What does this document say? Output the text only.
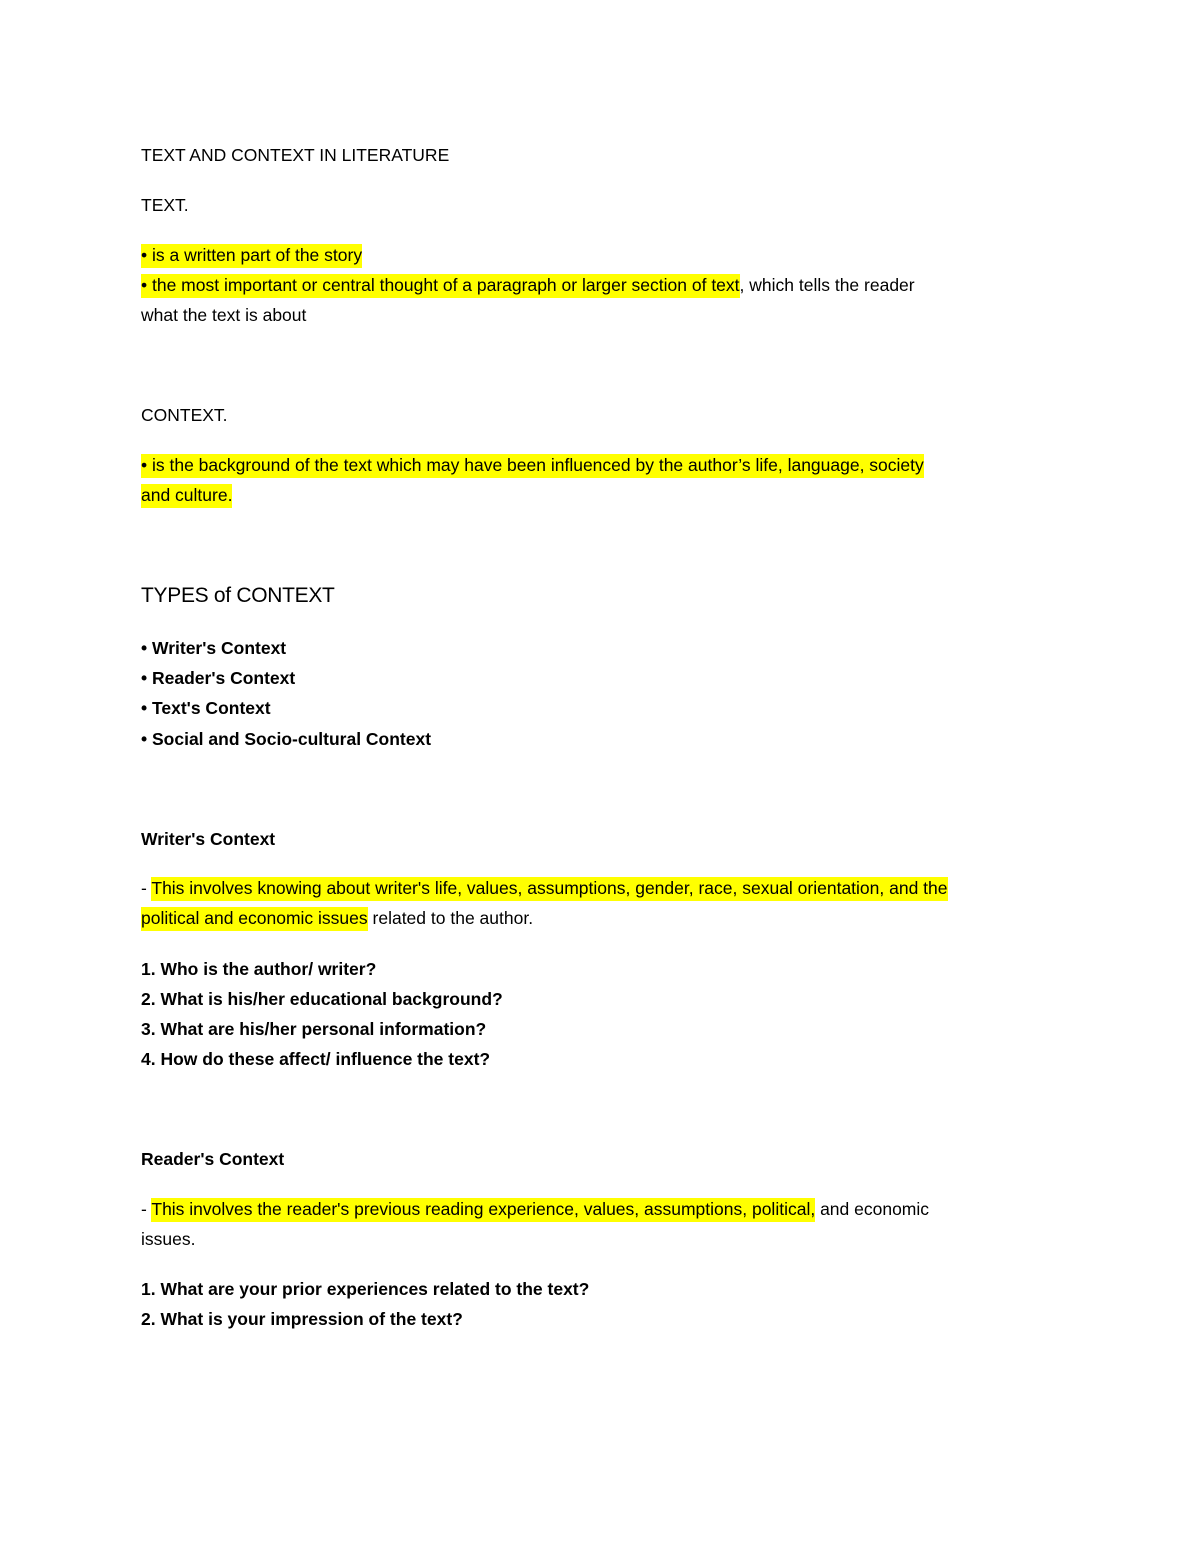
TEXT AND CONTEXT IN LITERATURE
TEXT.
• is a written part of the story
• the most important or central thought of a paragraph or larger section of text, which tells the reader
what the text is about
CONTEXT.
• is the background of the text which may have been influenced by the author’s life, language, society
and culture.
TYPES of CONTEXT
• Writer's Context
• Reader's Context
• Text's Context
• Social and Socio-cultural Context
Writer's Context
- This involves knowing about writer's life, values, assumptions, gender, race, sexual orientation, and the
political and economic issues related to the author.
1. Who is the author/ writer?
2. What is his/her educational background?
3. What are his/her personal information?
4. How do these affect/ influence the text?
Reader's Context
- This involves the reader's previous reading experience, values, assumptions, political, and economic
issues.
1. What are your prior experiences related to the text?
2. What is your impression of the text?
